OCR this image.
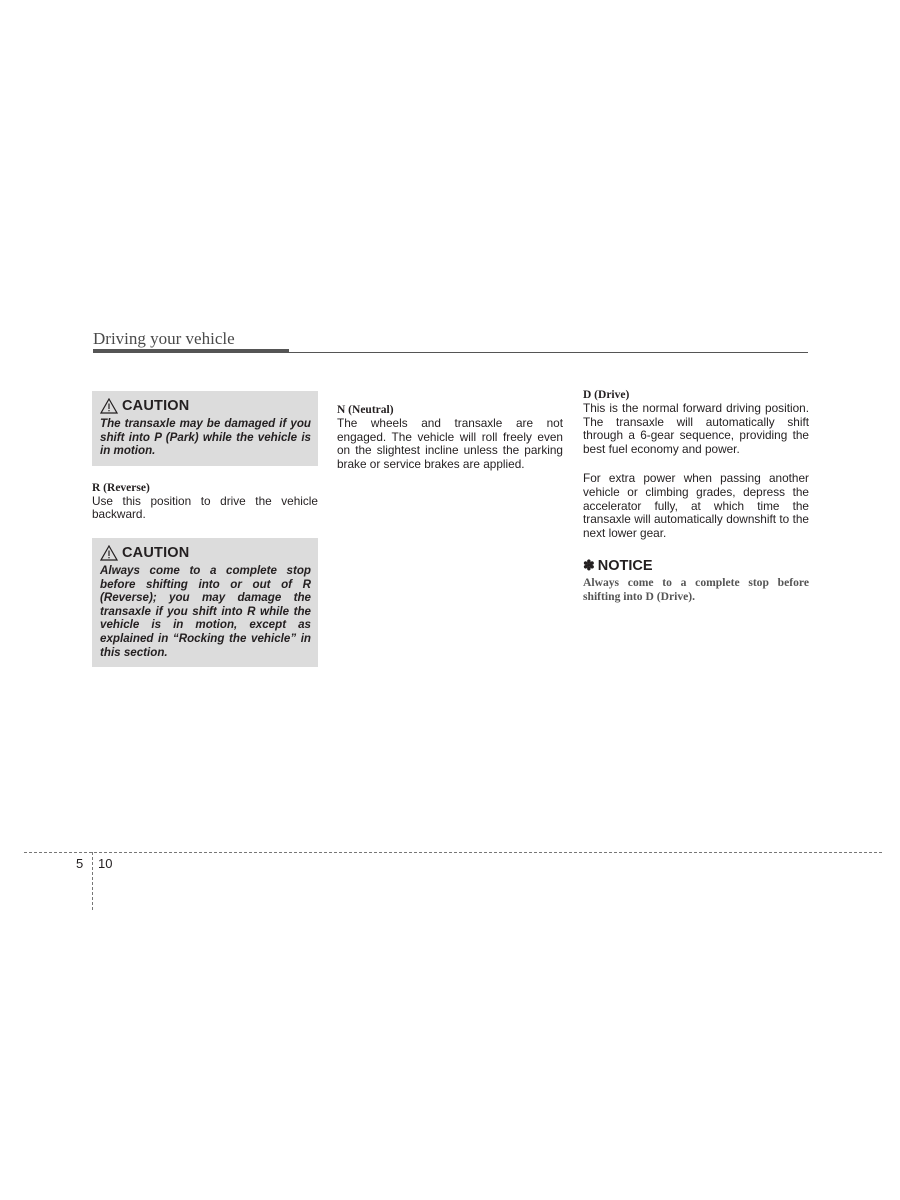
Driving your vehicle
CAUTION
The transaxle may be damaged if you shift into P (Park) while the vehicle is in motion.
R (Reverse)

Use this position to drive the vehicle backward.

CAUTION
Always come to a complete stop before shifting into or out of R (Reverse); you may damage the transaxle if you shift into R while the vehicle is in motion, except as explained in “Rocking the vehicle” in this section.
N (Neutral)

The wheels and transaxle are not engaged. The vehicle will roll freely even on the slightest incline unless the parking brake or service brakes are applied.

D (Drive)

This is the normal forward driving position. The transaxle will automatically shift through a 6-gear sequence, providing the best fuel economy and power.

For extra power when passing another vehicle or climbing grades, depress the accelerator fully, at which time the transaxle will automatically downshift to the next lower gear.

✽ NOTICE
Always come to a complete stop before shifting into D (Drive).
5 10
